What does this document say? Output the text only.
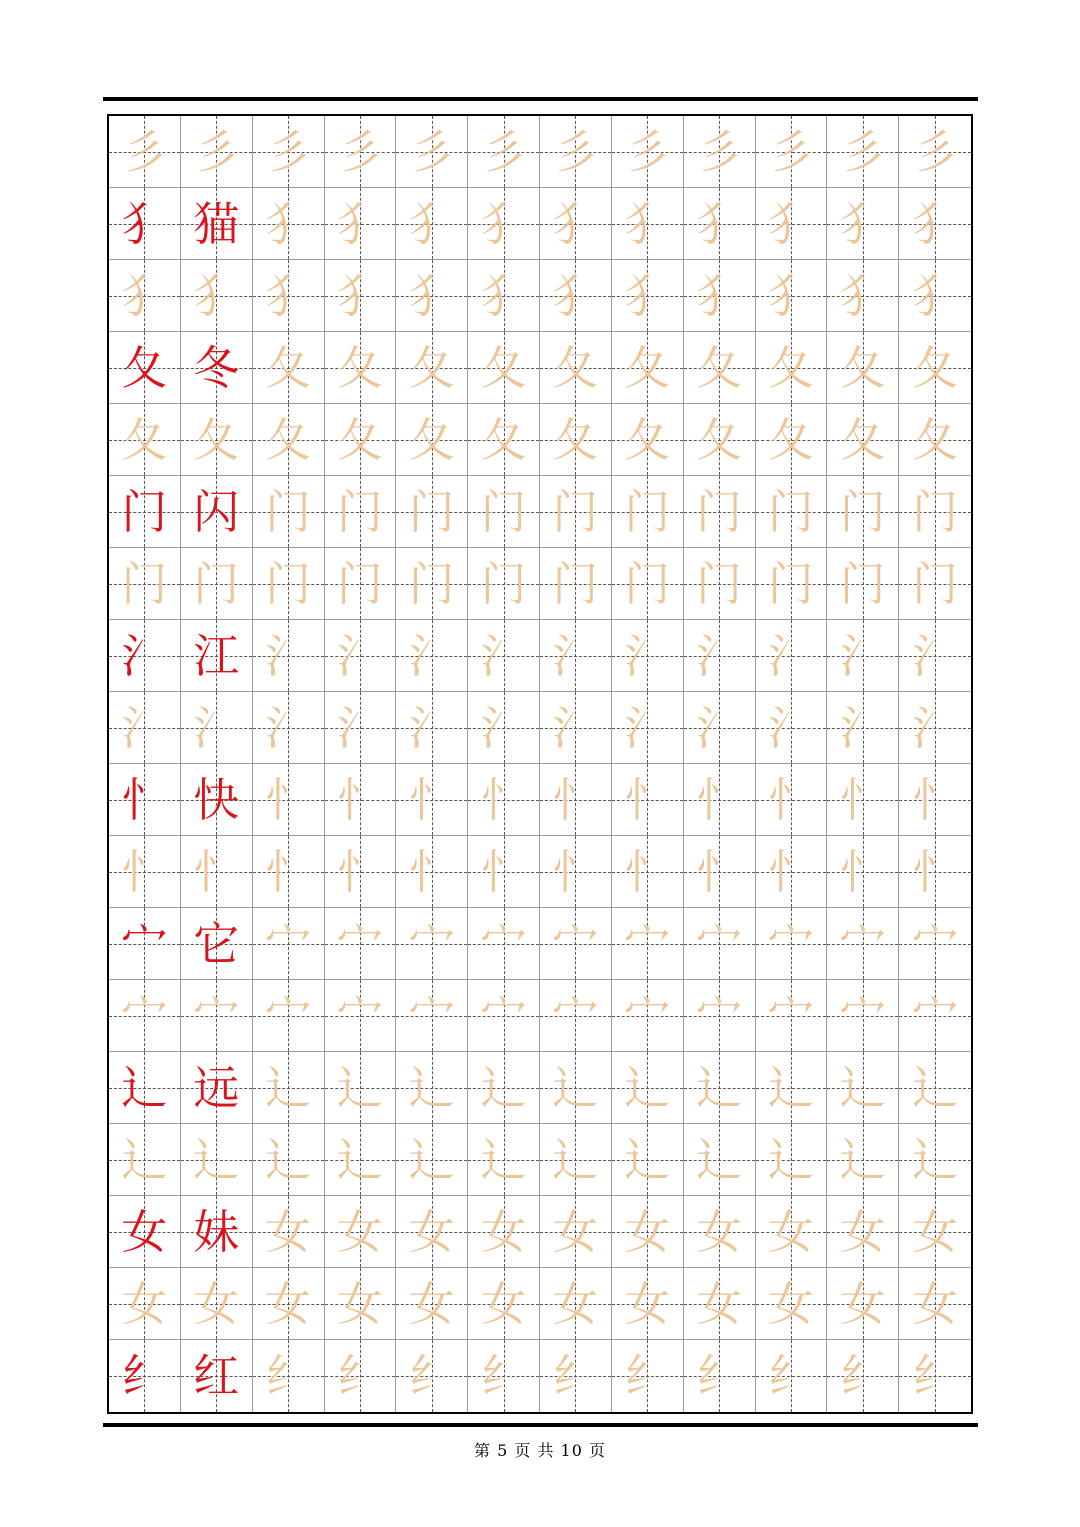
彡 彡 彡 彡 彡 彡 彡 彡 彡 彡 彡 彡
犭 猫 犭 犭 犭 犭 犭 犭 犭 犭 犭 犭
犭 犭 犭 犭 犭 犭 犭 犭 犭 犭 犭 犭
夂 冬 夂 夂 夂 夂 夂 夂 夂 夂 夂 夂
夂 夂 夂 夂 夂 夂 夂 夂 夂 夂 夂 夂
门 闪 门 门 门 门 门 门 门 门 门 门
门 门 门 门 门 门 门 门 门 门 门 门
氵 江 氵 氵 氵 氵 氵 氵 氵 氵 氵 氵
氵 氵 氵 氵 氵 氵 氵 氵 氵 氵 氵 氵
忄 快 忄 忄 忄 忄 忄 忄 忄 忄 忄 忄
忄 忄 忄 忄 忄 忄 忄 忄 忄 忄 忄 忄
宀 它 宀 宀 宀 宀 宀 宀 宀 宀 宀 宀
宀 宀 宀 宀 宀 宀 宀 宀 宀 宀 宀 宀
辶 远 辶 辶 辶 辶 辶 辶 辶 辶 辶 辶
辶 辶 辶 辶 辶 辶 辶 辶 辶 辶 辶 辶
女 妹 女 女 女 女 女 女 女 女 女 女
女 女 女 女 女 女 女 女 女 女 女 女
纟 红 纟 纟 纟 纟 纟 纟 纟 纟 纟 纟
第 5 页 共 10 页
